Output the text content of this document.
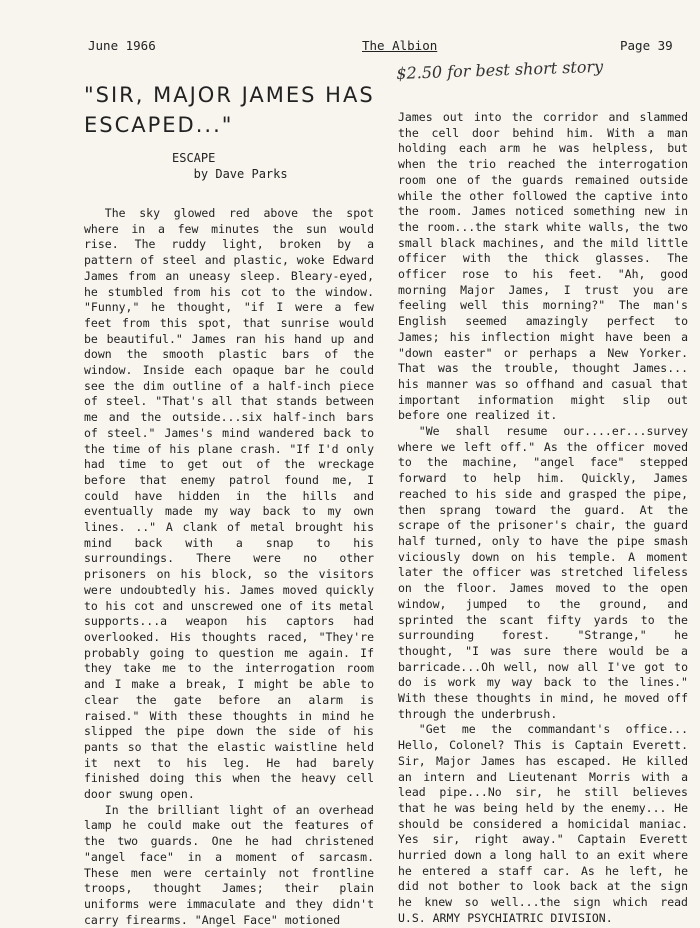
June 1966	The Albion	Page 39
$2.50 for best short story
"SIR, MAJOR JAMES HAS
ESCAPED..."
ESCAPE
by Dave Parks

The sky glowed red above the spot where in a few minutes the sun would rise. The ruddy light, broken by a pattern of steel and plastic, woke Edward James from an uneasy sleep. Bleary-eyed, he stumbled from his cot to the window. "Funny," he thought, "if I were a few feet from this spot, that sunrise would be beautiful." James ran his hand up and down the smooth plastic bars of the window. Inside each opaque bar he could see the dim outline of a half-inch piece of steel. "That's all that stands between me and the outside...six half-inch bars of steel." James's mind wandered back to the time of his plane crash. "If I'd only had time to get out of the wreckage before that enemy patrol found me, I could have hidden in the hills and eventually made my way back to my own lines. .." A clank of metal brought his mind back with a snap to his surroundings. There were no other prisoners on his block, so the visitors were undoubtedly his. James moved quickly to his cot and unscrewed one of its metal supports...a weapon his captors had overlooked. His thoughts raced, "They're probably going to question me again. If they take me to the interrogation room and I make a break, I might be able to clear the gate before an alarm is raised." With these thoughts in mind he slipped the pipe down the side of his pants so that the elastic waistline held it next to his leg. He had barely finished doing this when the heavy cell door swung open.

In the brilliant light of an overhead lamp he could make out the features of the two guards. One he had christened "angel face" in a moment of sarcasm. These men were certainly not frontline troops, thought James; their plain uniforms were immaculate and they didn't carry firearms. "Angel Face" motioned

James out into the corridor and slammed the cell door behind him. With a man holding each arm he was helpless, but when the trio reached the interrogation room one of the guards remained outside while the other followed the captive into the room. James noticed something new in the room...the stark white walls, the two small black machines, and the mild little officer with the thick glasses. The officer rose to his feet. "Ah, good morning Major James, I trust you are feeling well this morning?" The man's English seemed amazingly perfect to James; his inflection might have been a "down easter" or perhaps a New Yorker. That was the trouble, thought James... his manner was so offhand and casual that important information might slip out before one realized it.

"We shall resume our....er...survey where we left off." As the officer moved to the machine, "angel face" stepped forward to help him. Quickly, James reached to his side and grasped the pipe, then sprang toward the guard. At the scrape of the prisoner's chair, the guard half turned, only to have the pipe smash viciously down on his temple. A moment later the officer was stretched lifeless on the floor. James moved to the open window, jumped to the ground, and sprinted the scant fifty yards to the surrounding forest. "Strange," he thought, "I was sure there would be a barricade...Oh well, now all I've got to do is work my way back to the lines." With these thoughts in mind, he moved off through the underbrush.

"Get me the commandant's office... Hello, Colonel? This is Captain Everett. Sir, Major James has escaped. He killed an intern and Lieutenant Morris with a lead pipe...No sir, he still believes that he was being held by the enemy... He should be considered a homicidal maniac. Yes sir, right away." Captain Everett hurried down a long hall to an exit where he entered a staff car. As he left, he did not bother to look back at the sign he knew so well...the sign which read U.S. ARMY PSYCHIATRIC DIVISION.
